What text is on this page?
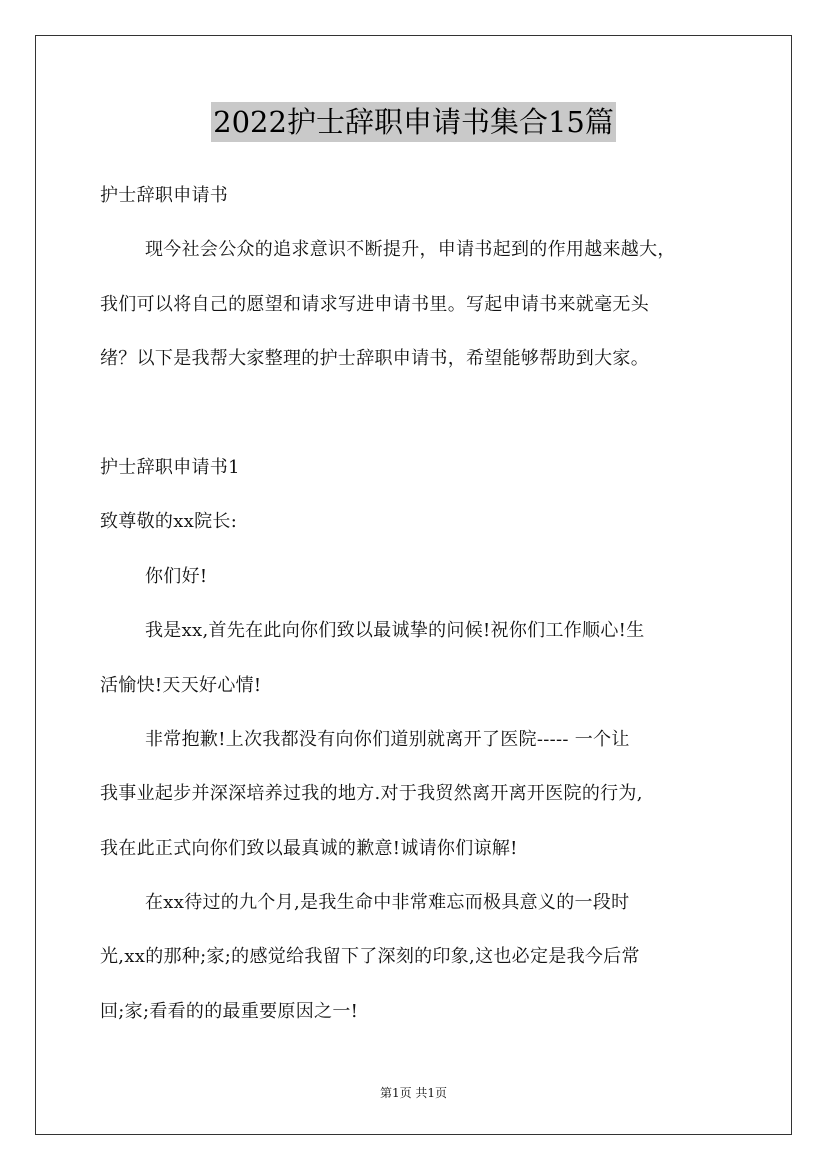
2022护士辞职申请书集合15篇
护士辞职申请书
现今社会公众的追求意识不断提升，申请书起到的作用越来越大，
我们可以将自己的愿望和请求写进申请书里。写起申请书来就毫无头
绪？以下是我帮大家整理的护士辞职申请书，希望能够帮助到大家。
护士辞职申请书1
致尊敬的xx院长:
你们好!
我是xx,首先在此向你们致以最诚挚的问候!祝你们工作顺心!生
活愉快!天天好心情!
非常抱歉!上次我都没有向你们道别就离开了医院----- 一个让
我事业起步并深深培养过我的地方.对于我贸然离开离开医院的行为,
我在此正式向你们致以最真诚的歉意!诚请你们谅解!
在xx待过的九个月,是我生命中非常难忘而极具意义的一段时
光,xx的那种;家;的感觉给我留下了深刻的印象,这也必定是我今后常
回;家;看看的的最重要原因之一!
第1页 共1页
